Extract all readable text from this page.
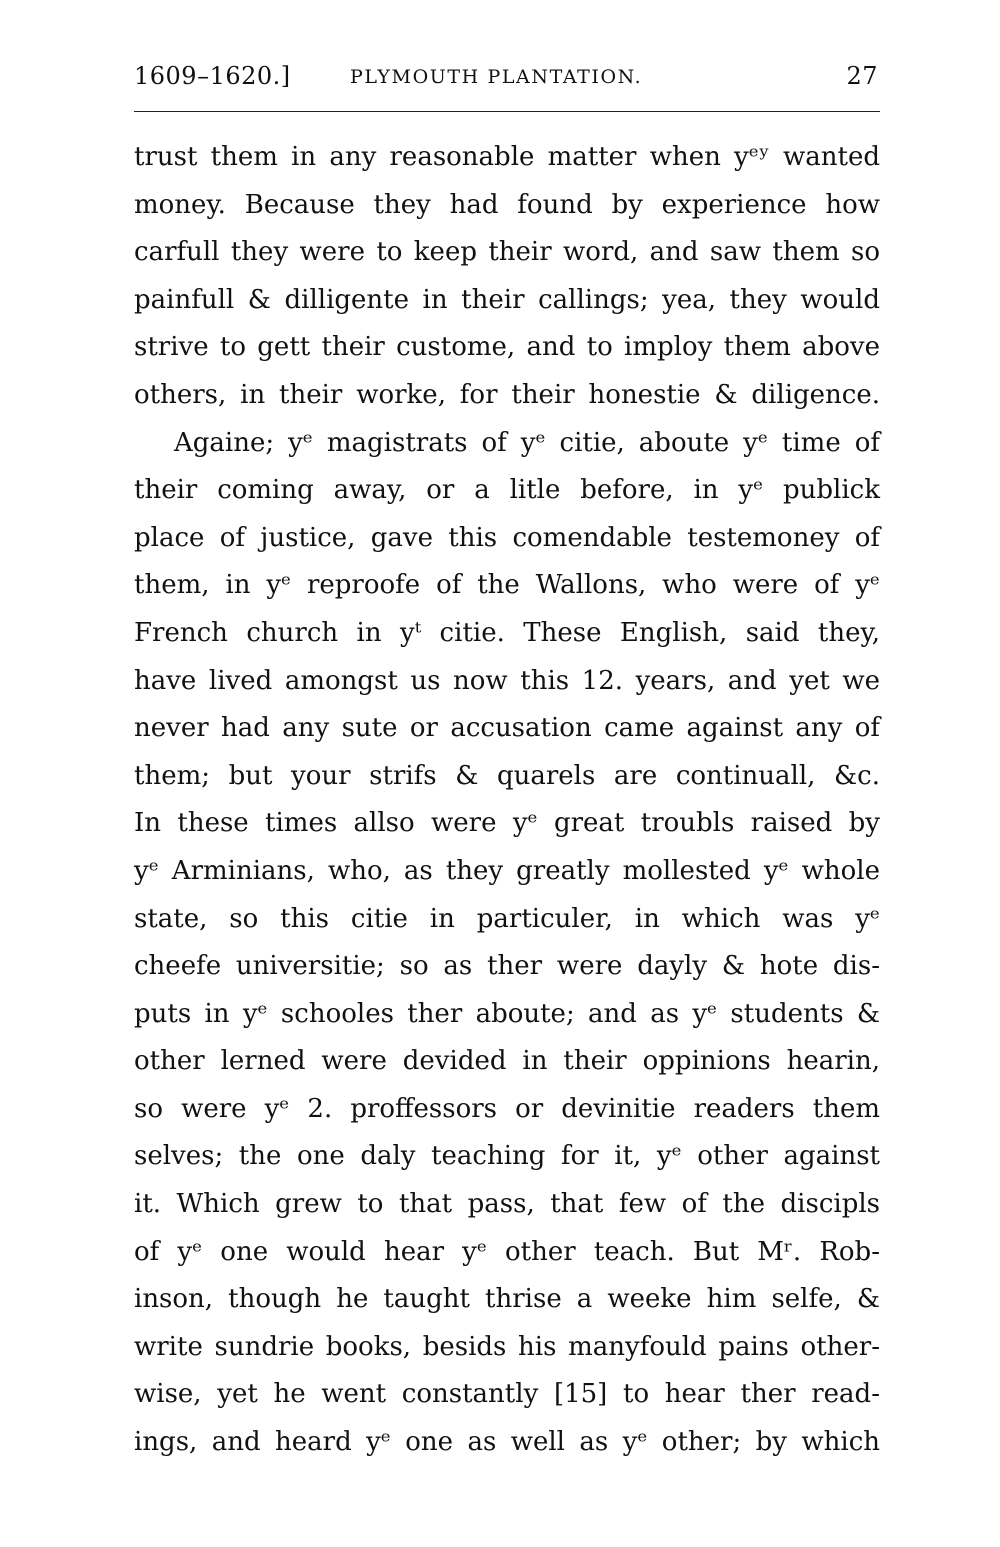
1609–1620.]	PLYMOUTH PLANTATION.	27
trust them in any reasonable matter when yᵉʸ wanted
money. Because they had found by experience how
carfull they were to keep their word, and saw them so
painfull & dilligente in their callings; yea, they would
strive to gett their custome, and to imploy them above
others, in their worke, for their honestie & diligence.
Againe; yᵉ magistrats of yᵉ citie, aboute yᵉ time of
their coming away, or a litle before, in yᵉ publick
place of justice, gave this comendable testemoney of
them, in yᵉ reproofe of the Wallons, who were of yᵉ
French church in yᵗ citie. These English, said they,
have lived amongst us now this 12. years, and yet we
never had any sute or accusation came against any of
them; but your strifs & quarels are continuall, &c.
In these times allso were yᵉ great troubls raised by
yᵉ Arminians, who, as they greatly mollested yᵉ whole
state, so this citie in particuler, in which was yᵉ
cheefe universitie; so as ther were dayly & hote dis-
puts in yᵉ schooles ther aboute; and as yᵉ students &
other lerned were devided in their oppinions hearin,
so were yᵉ 2. proffessors or devinitie readers them
selves; the one daly teaching for it, yᵉ other against
it. Which grew to that pass, that few of the discipls
of yᵉ one would hear yᵉ other teach. But Mʳ. Rob-
inson, though he taught thrise a weeke him selfe, &
write sundrie books, besids his manyfould pains other-
wise, yet he went constantly [15] to hear ther read-
ings, and heard yᵉ one as well as yᵉ other; by which
